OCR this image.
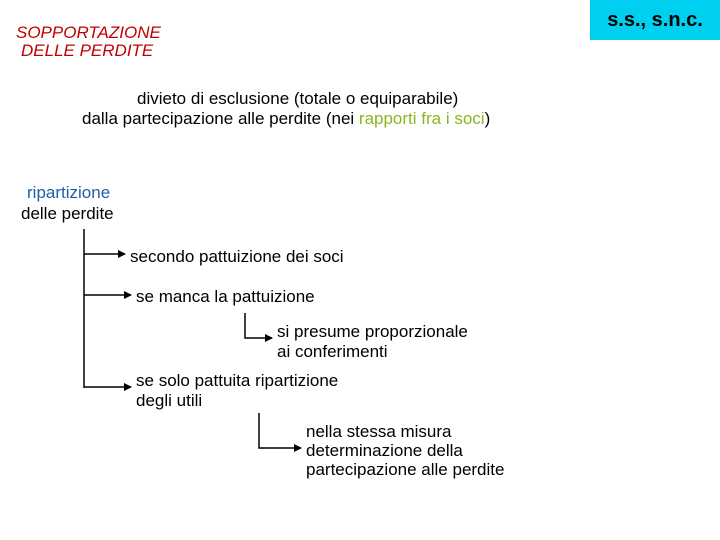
SOPPORTAZIONE
DELLE PERDITE
s.s., s.n.c.
divieto di esclusione (totale o equiparabile)
dalla partecipazione alle perdite (nei rapporti fra i soci)
ripartizione
delle perdite
secondo pattuizione dei soci
se manca la pattuizione
si presume proporzionale
ai conferimenti
se solo pattuita ripartizione
degli utili
nella stessa misura
determinazione della
partecipazione alle perdite
